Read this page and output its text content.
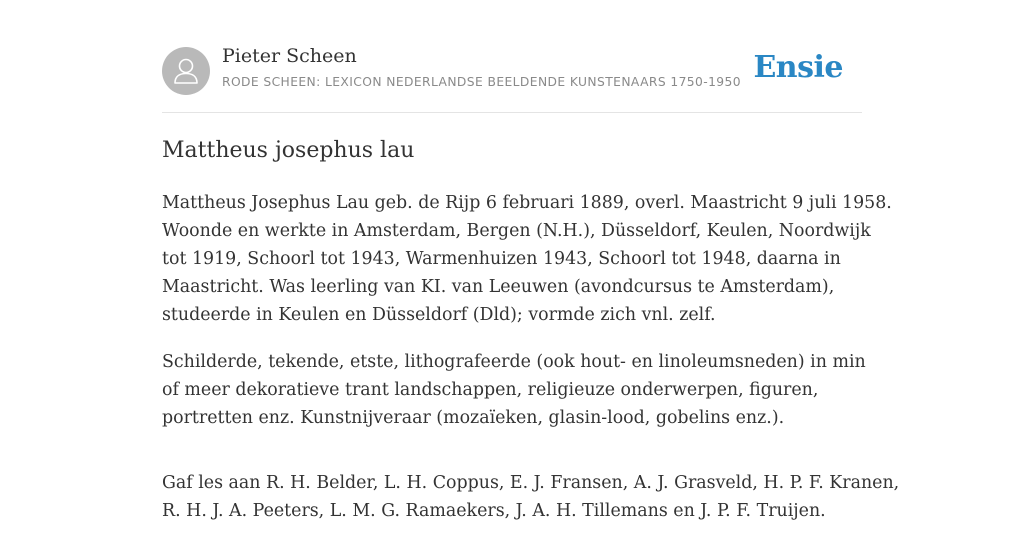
Pieter Scheen
RODE SCHEEN: LEXICON NEDERLANDSE BEELDENDE KUNSTENAARS 1750-1950 Ensie
Mattheus josephus lau

Mattheus Josephus Lau geb. de Rijp 6 februari 1889, overl. Maastricht 9 juli 1958.
Woonde en werkte in Amsterdam, Bergen (N.H.), Düsseldorf, Keulen, Noordwijk
tot 1919, Schoorl tot 1943, Warmenhuizen 1943, Schoorl tot 1948, daarna in
Maastricht. Was leerling van KI. van Leeuwen (avondcursus te Amsterdam),
studeerde in Keulen en Düsseldorf (Dld); vormde zich vnl. zelf.

Schilderde, tekende, etste, lithografeerde (ook hout- en linoleumsneden) in min
of meer dekoratieve trant landschappen, religieuze onderwerpen, figuren,
portretten enz. Kunstnijveraar (mozaïeken, glasin-lood, gobelins enz.).

Gaf les aan R. H. Belder, L. H. Coppus, E. J. Fransen, A. J. Grasveld, H. P. F. Kranen,
R. H. J. A. Peeters, L. M. G. Ramaekers, J. A. H. Tillemans en J. P. F. Truijen.
